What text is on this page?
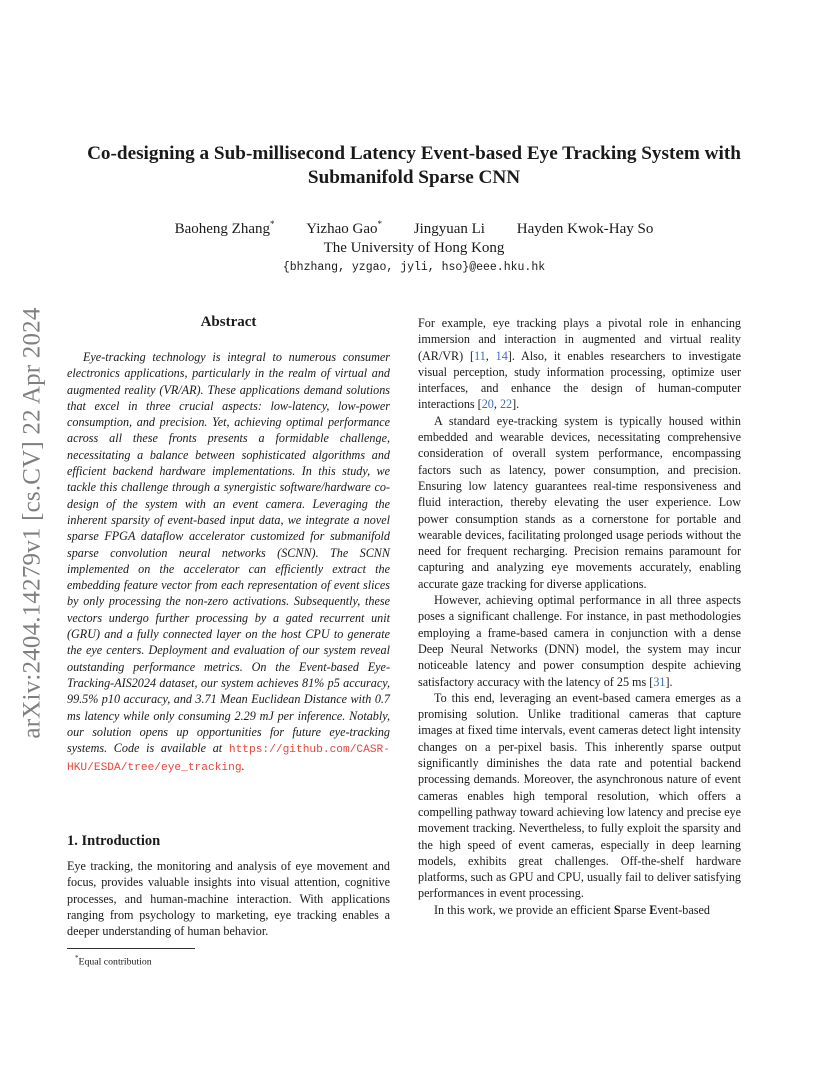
arXiv:2404.14279v1 [cs.CV] 22 Apr 2024
Co-designing a Sub-millisecond Latency Event-based Eye Tracking System with Submanifold Sparse CNN
Baoheng Zhang* Yizhao Gao* Jingyuan Li Hayden Kwok-Hay So
The University of Hong Kong
{bhzhang, yzgao, jyli, hso}@eee.hku.hk
Abstract

Eye-tracking technology is integral to numerous consumer electronics applications, particularly in the realm of virtual and augmented reality (VR/AR). These applications demand solutions that excel in three crucial aspects: low-latency, low-power consumption, and precision. Yet, achieving optimal performance across all these fronts presents a formidable challenge, necessitating a balance between sophisticated algorithms and efficient backend hardware implementations. In this study, we tackle this challenge through a synergistic software/hardware co-design of the system with an event camera. Leveraging the inherent sparsity of event-based input data, we integrate a novel sparse FPGA dataflow accelerator customized for submanifold sparse convolution neural networks (SCNN). The SCNN implemented on the accelerator can efficiently extract the embedding feature vector from each representation of event slices by only processing the non-zero activations. Subsequently, these vectors undergo further processing by a gated recurrent unit (GRU) and a fully connected layer on the host CPU to generate the eye centers. Deployment and evaluation of our system reveal outstanding performance metrics. On the Event-based Eye-Tracking-AIS2024 dataset, our system achieves 81% p5 accuracy, 99.5% p10 accuracy, and 3.71 Mean Euclidean Distance with 0.7 ms latency while only consuming 2.29 mJ per inference. Notably, our solution opens up opportunities for future eye-tracking systems. Code is available at https://github.com/CASR-HKU/ESDA/tree/eye_tracking.

1. Introduction

Eye tracking, the monitoring and analysis of eye movement and focus, provides valuable insights into visual attention, cognitive processes, and human-machine interaction. With applications ranging from psychology to marketing, eye tracking enables a deeper understanding of human behavior.

*Equal contribution

For example, eye tracking plays a pivotal role in enhancing immersion and interaction in augmented and virtual reality (AR/VR) [11, 14]. Also, it enables researchers to investigate visual perception, study information processing, optimize user interfaces, and enhance the design of human-computer interactions [20, 22].

A standard eye-tracking system is typically housed within embedded and wearable devices, necessitating comprehensive consideration of overall system performance, encompassing factors such as latency, power consumption, and precision. Ensuring low latency guarantees real-time responsiveness and fluid interaction, thereby elevating the user experience. Low power consumption stands as a cornerstone for portable and wearable devices, facilitating prolonged usage periods without the need for frequent recharging. Precision remains paramount for capturing and analyzing eye movements accurately, enabling accurate gaze tracking for diverse applications.

However, achieving optimal performance in all three aspects poses a significant challenge. For instance, in past methodologies employing a frame-based camera in conjunction with a dense Deep Neural Networks (DNN) model, the system may incur noticeable latency and power consumption despite achieving satisfactory accuracy with the latency of 25 ms [31].

To this end, leveraging an event-based camera emerges as a promising solution. Unlike traditional cameras that capture images at fixed time intervals, event cameras detect light intensity changes on a per-pixel basis. This inherently sparse output significantly diminishes the data rate and potential backend processing demands. Moreover, the asynchronous nature of event cameras enables high temporal resolution, which offers a compelling pathway toward achieving low latency and precise eye movement tracking. Nevertheless, to fully exploit the sparsity and the high speed of event cameras, especially in deep learning models, exhibits great challenges. Off-the-shelf hardware platforms, such as GPU and CPU, usually fail to deliver satisfying performances in event processing.

In this work, we provide an efficient Sparse Event-based
